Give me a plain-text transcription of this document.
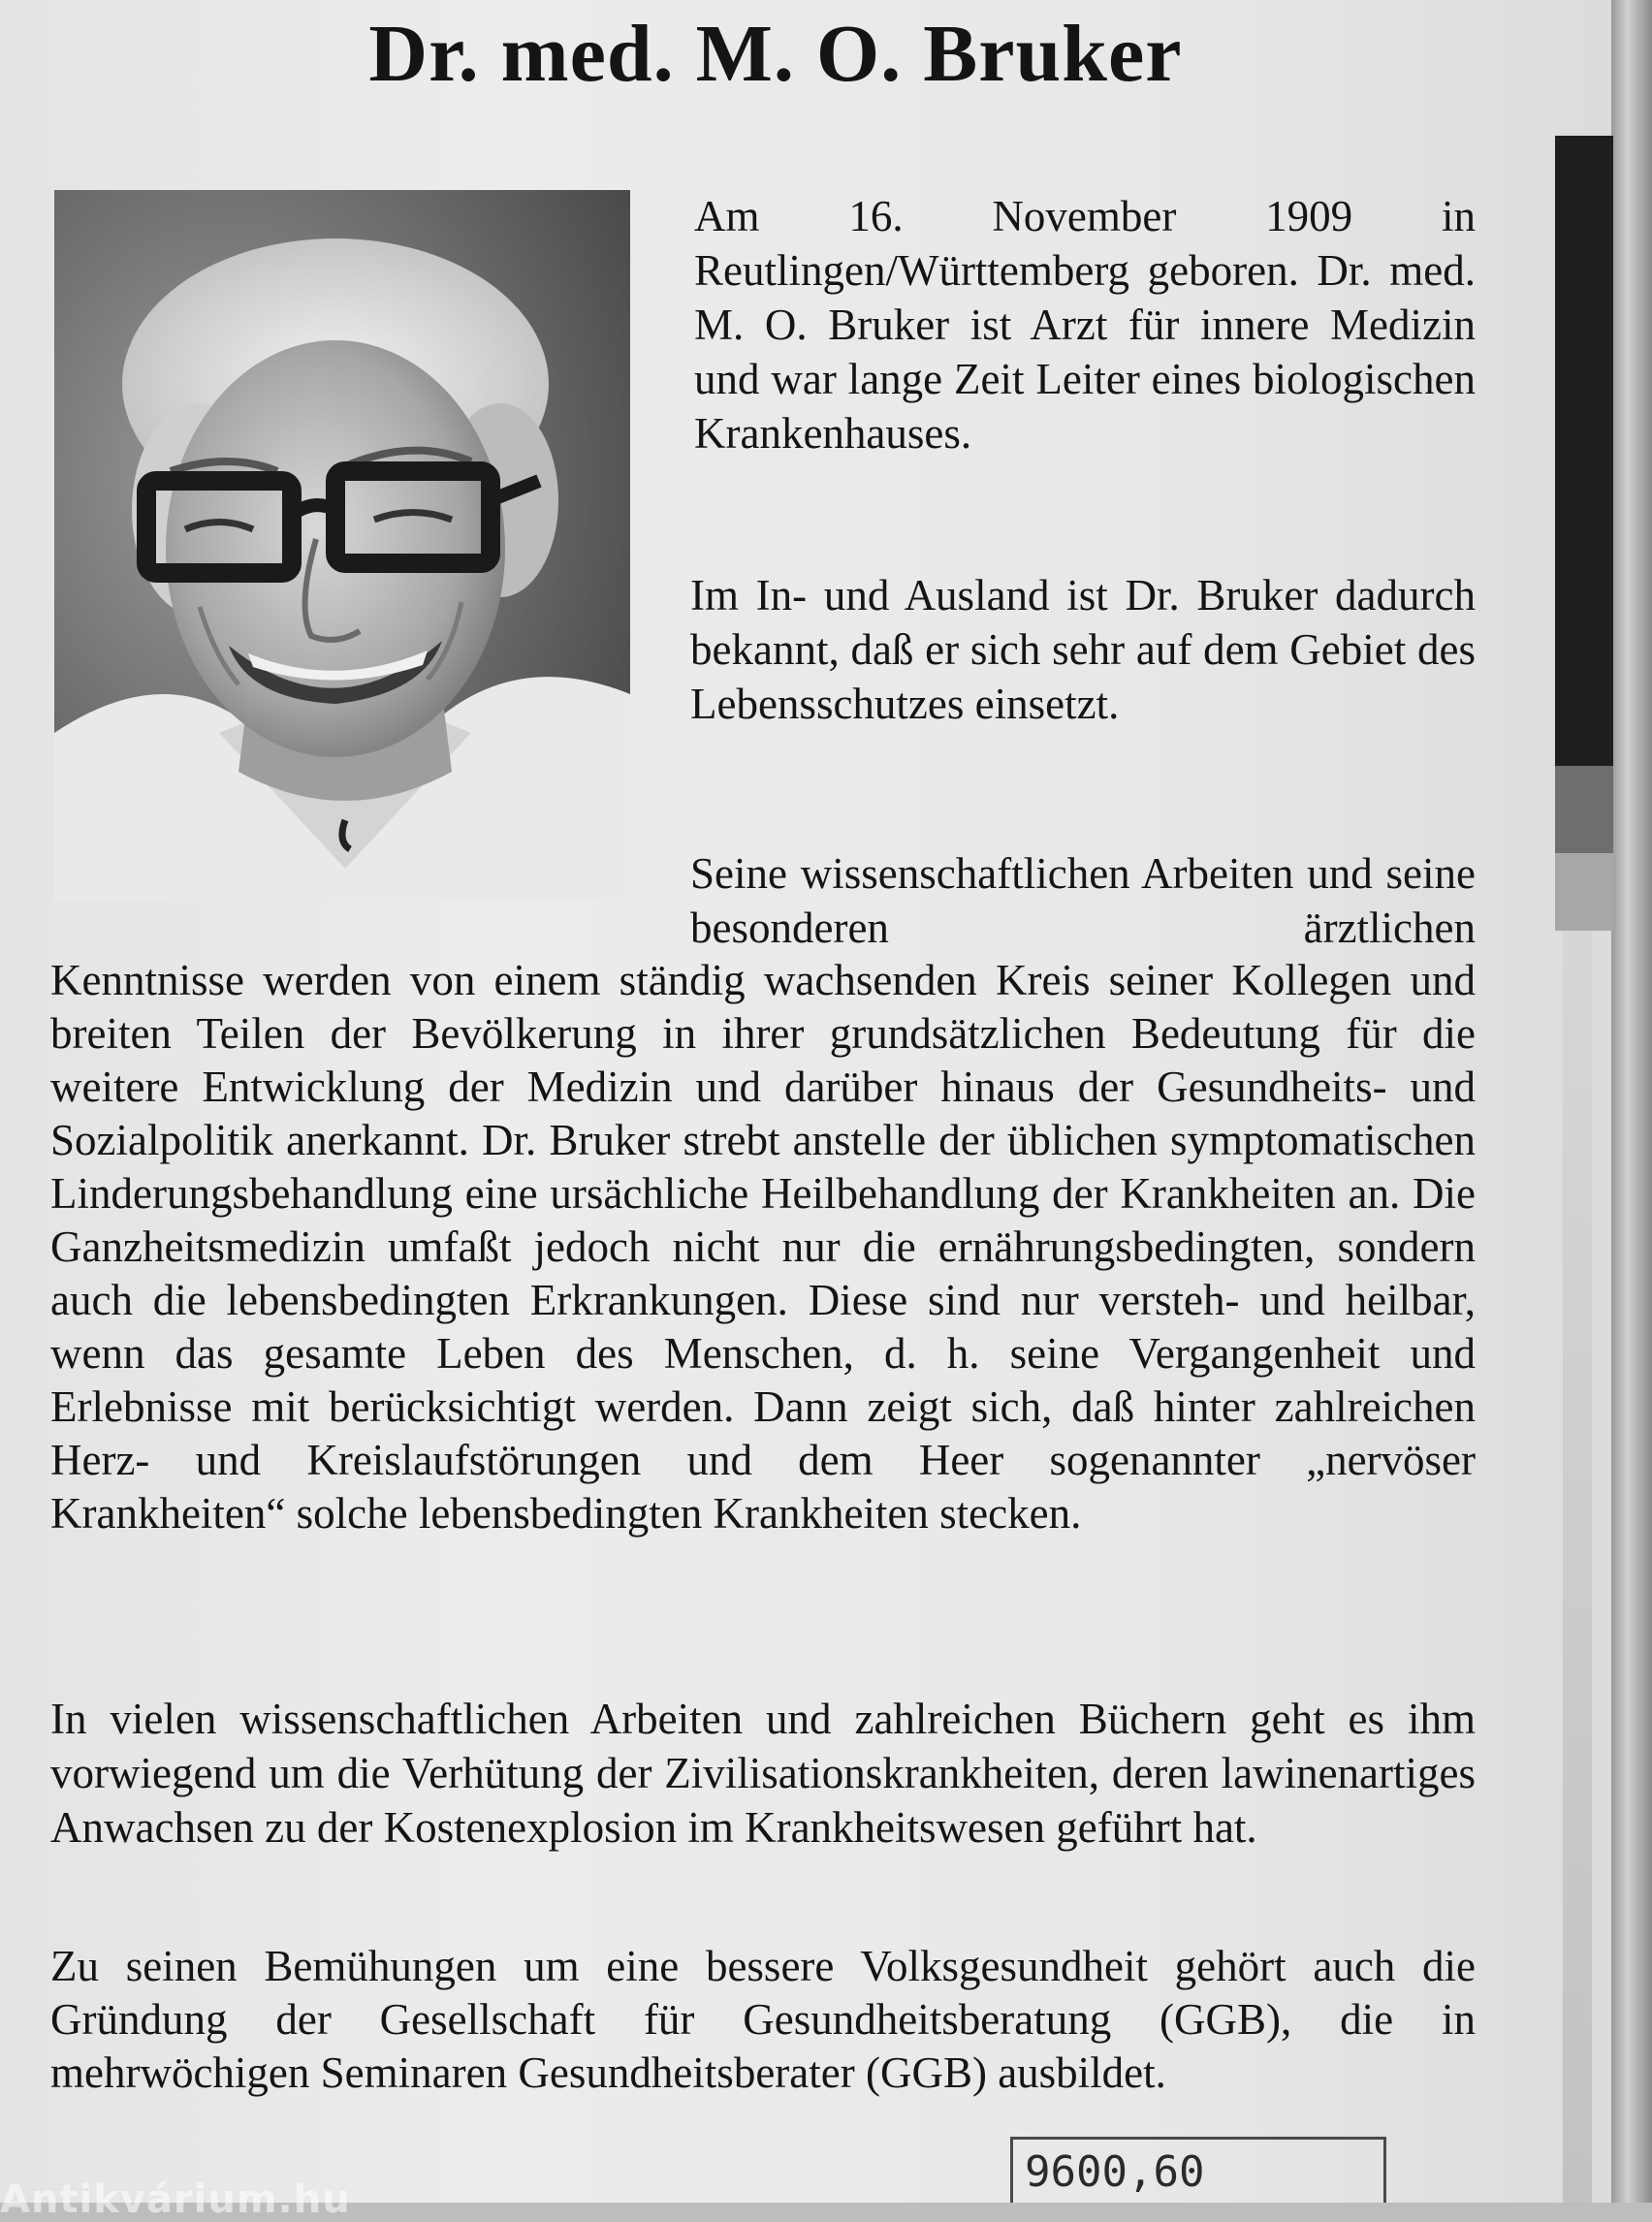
Dr. med. M. O. Bruker

Am 16. November 1909 in Reutlingen/Württemberg geboren. Dr. med. M. O. Bruker ist Arzt für innere Medizin und war lange Zeit Leiter eines biologischen Krankenhauses.

Im In- und Ausland ist Dr. Bruker dadurch bekannt, daß er sich sehr auf dem Gebiet des Lebensschutzes einsetzt.

Seine wissenschaftlichen Arbeiten und seine besonderen ärztlichen

Kenntnisse werden von einem ständig wachsenden Kreis seiner Kollegen und breiten Teilen der Bevölkerung in ihrer grundsätzlichen Bedeutung für die weitere Entwicklung der Medizin und darüber hinaus der Gesundheits- und Sozialpolitik anerkannt. Dr. Bruker strebt anstelle der üblichen symptomatischen Linderungsbehandlung eine ursächliche Heilbehandlung der Krankheiten an. Die Ganzheitsmedizin umfaßt jedoch nicht nur die ernährungsbedingten, sondern auch die lebensbedingten Erkrankungen. Diese sind nur versteh- und heilbar, wenn das gesamte Leben des Menschen, d. h. seine Vergangenheit und Erlebnisse mit berücksichtigt werden. Dann zeigt sich, daß hinter zahlreichen Herz- und Kreislaufstörungen und dem Heer sogenannter „nervöser Krankheiten“ solche lebensbedingten Krankheiten stecken.

In vielen wissenschaftlichen Arbeiten und zahlreichen Büchern geht es ihm vorwiegend um die Verhütung der Zivilisationskrankheiten, deren lawinenartiges Anwachsen zu der Kostenexplosion im Krankheitswesen geführt hat.

Zu seinen Bemühungen um eine bessere Volksgesundheit gehört auch die Gründung der Gesellschaft für Gesundheitsberatung (GGB), die in mehrwöchigen Seminaren Gesundheitsberater (GGB) ausbildet.

9600,60
Antikvárium.hu
